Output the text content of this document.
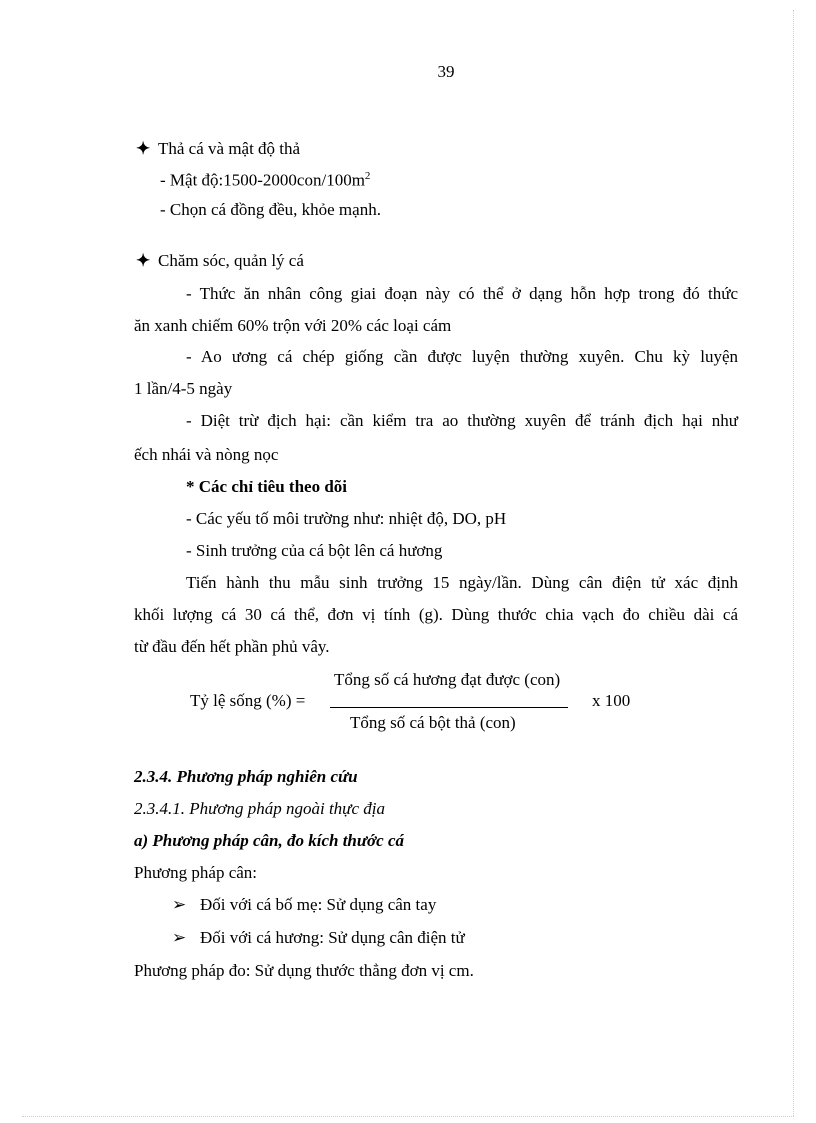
39
✦ Thả cá và mật độ thả
- Mật $độ:1500-2000con/100m^2$
- Chọn cá đồng đều, khỏe mạnh.
✦ Chăm sóc, quản lý cá
- Thức ăn nhân công giai đoạn này có thể ở dạng hỗn hợp trong đó thức
ăn xanh chiếm 60% trộn với 20% các loại cám
- Ao ương cá chép giống cần được luyện thường xuyên. Chu kỳ luyện
1 lần/4-5 ngày
- Diệt trừ địch hại: cần kiểm tra ao thường xuyên để tránh địch hại như
ếch nhái và nòng nọc
* Các chỉ tiêu theo dõi
- Các yếu tố môi trường như: nhiệt độ, DO, pH
- Sinh trưởng của cá bột lên cá hương
Tiến hành thu mẫu sinh trưởng 15 ngày/lần. Dùng cân điện tử xác định
khối lượng cá 30 cá thể, đơn vị tính (g). Dùng thước chia vạch đo chiều dài cá
từ đầu đến hết phần phủ vây.
Tổng số cá hương đạt được (con)
Tỷ lệ sống (%) =	x 100
Tổng số cá bột thả (con)
2.3.4. Phương pháp nghiên cứu
2.3.4.1. Phương pháp ngoài thực địa
a) Phương pháp cân, đo kích thước cá
Phương pháp cân:
➢ Đối với cá bố mẹ: Sử dụng cân tay
➢ Đối với cá hương: Sử dụng cân điện tử
Phương pháp đo: Sử dụng thước thẳng đơn vị cm.
